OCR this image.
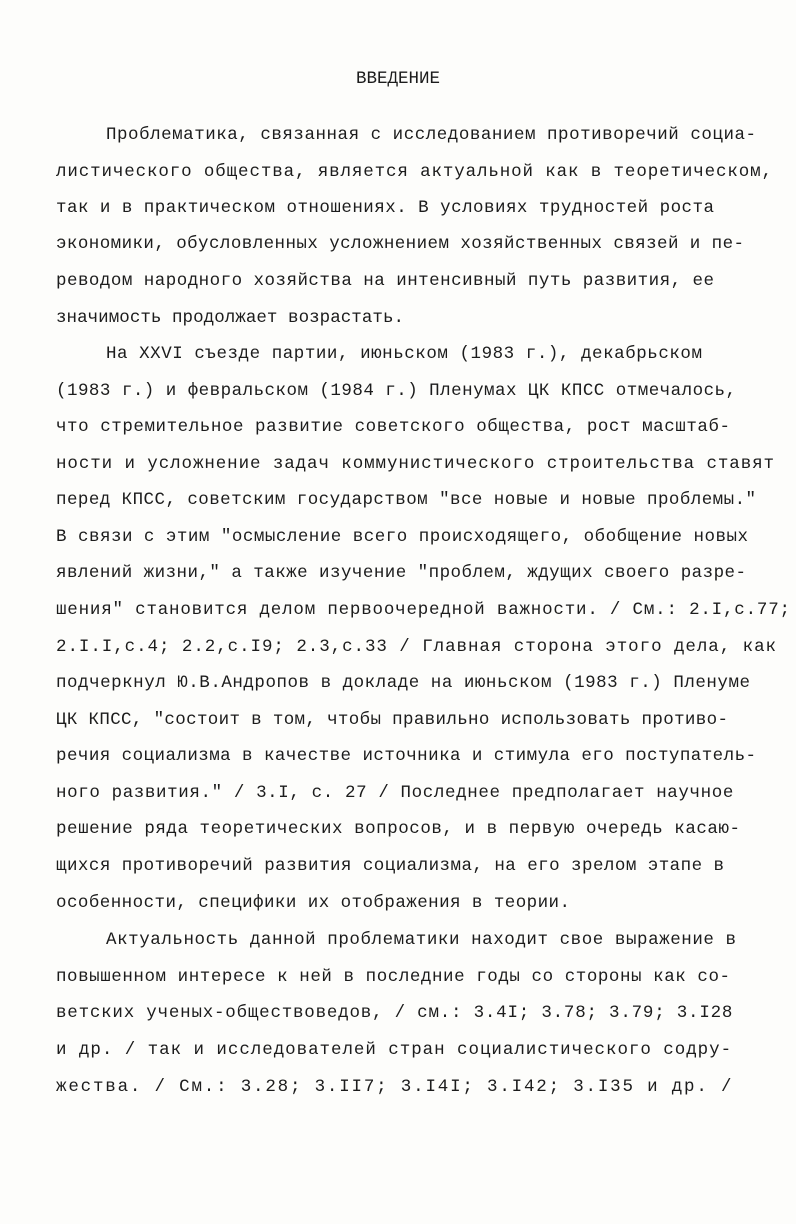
ВВЕДЕНИЕ
Проблематика, связанная с исследованием противоречий социа-
листического общества, является актуальной как в теоретическом,
так и в практическом отношениях. В условиях трудностей роста
экономики, обусловленных усложнением хозяйственных связей и пе-
реводом народного хозяйства на интенсивный путь развития, ее
значимость продолжает возрастать.
На XXVI съезде партии, июньском (1983 г.), декабрьском
(1983 г.) и февральском (1984 г.) Пленумах ЦК КПСС отмечалось,
что стремительное развитие советского общества, рост масштаб-
ности и усложнение задач коммунистического строительства ставят
перед КПСС, советским государством "все новые и новые проблемы."
В связи с этим "осмысление всего происходящего, обобщение новых
явлений жизни," а также изучение "проблем, ждущих своего разре-
шения" становится делом первоочередной важности. / См.: 2.I,с.77;
2.I.I,с.4; 2.2,с.I9; 2.3,с.33 / Главная сторона этого дела, как
подчеркнул Ю.В.Андропов в докладе на июньском (1983 г.) Пленуме
ЦК КПСС, "состоит в том, чтобы правильно использовать противо-
речия социализма в качестве источника и стимула его поступатель-
ного развития." / 3.I, с. 27 / Последнее предполагает научное
решение ряда теоретических вопросов, и в первую очередь касаю-
щихся противоречий развития социализма, на его зрелом этапе в
особенности, специфики их отображения в теории.
Актуальность данной проблематики находит свое выражение в
повышенном интересе к ней в последние годы со стороны как со-
ветских ученых-обществоведов, / см.: 3.4I; 3.78; 3.79; 3.I28
и др. / так и исследователей стран социалистического содру-
жества. / См.: 3.28; 3.II7; 3.I4I; 3.I42; 3.I35 и др. /
